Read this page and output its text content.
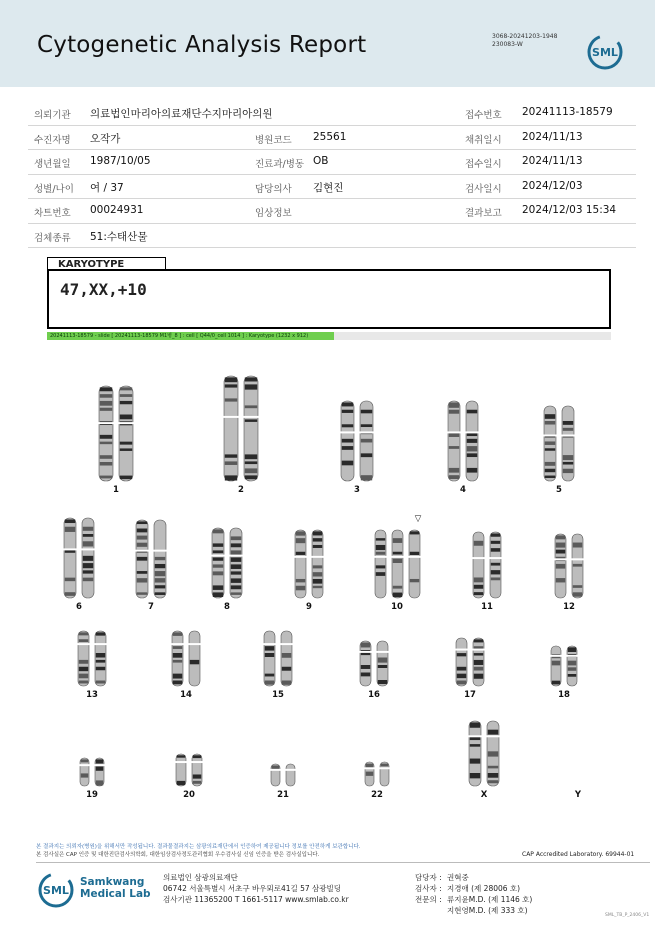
Cytogenetic Analysis Report	3068-20241203-1948
230083-W
SML
의뢰기관 의료법인마리아의료재단수지마리아의원	접수번호 20241113-18579
수진자명 오작가	병원코드 25561	채취일시 2024/11/13
생년월일 1987/10/05	진료과/병동 OB	접수일시 2024/11/13
성별/나이 여 / 37	담당의사 김현진	검사일시 2024/12/03
차트번호 00024931	임상정보	결과보고 2024/12/03 15:34
검체종류 51:수태산물
KARYOTYPE
47,XX,+10
20241113-18579 - slide [ 20241113-18579 M1병_8 ] : cell [ Q44/0_cell 1014 ] : Karyotype (1232 x 912)
1	2	3	4	5
6	7	8	9	10
▽
11	12
13	14	15	16	17	18
19	20	21	22	X	Y
본 결과지는 의뢰자(병원)을 위해서만 작성됩니다. 결과물결과지는 삼광의료재단에서 인증하여 제공됩니다 정보를 안전하게 보관합니다.
본 검사실은 CAP 인증 및 대한진단검사의학회, 대한임상검사정도관리협회 우수검사실 신임 인증을 받은 검사실입니다.	CAP Accredited Laboratory. 69944-01
SML
Samkwang
Medical Lab
의료법인 삼광의료재단
06742 서울특별시 서초구 바우뫼로41길 57 삼광빌딩
검사기관 11365200 T 1661-5117 www.smlab.co.kr
담당자 : 권혁중
검사자 : 지경애 (제 28006 호)
전문의 : 류지윤M.D. (제 1146 호)
지현영M.D. (제 333 호)
SML_TB_P_2406_V1
